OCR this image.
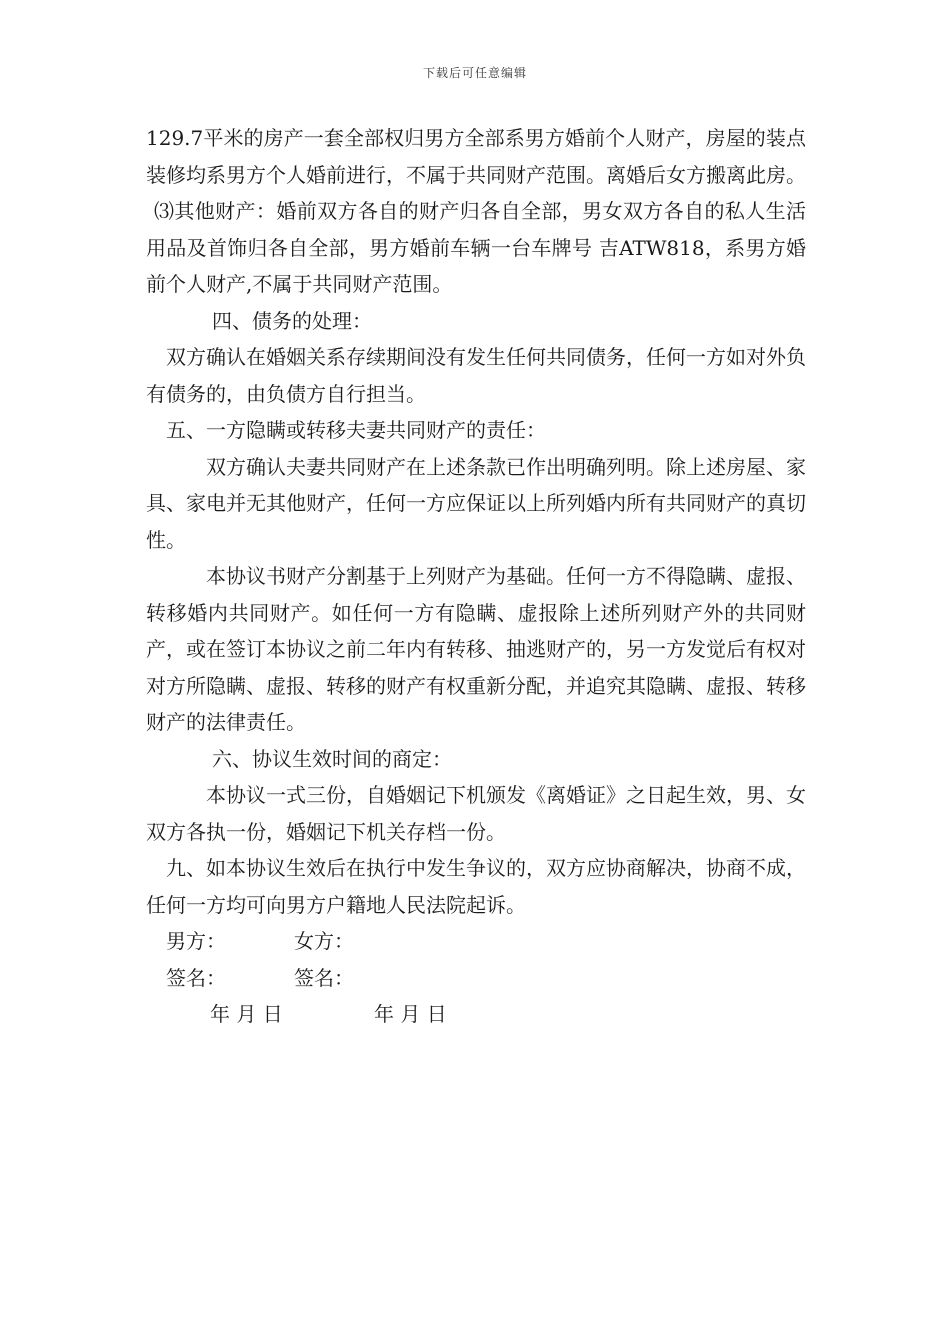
下载后可任意编辑

129.7平米的房产一套全部权归男方全部系男方婚前个人财产，房屋的装点装修均系男方个人婚前进行，不属于共同财产范围。离婚后女方搬离此房。

⑶其他财产：婚前双方各自的财产归各自全部，男女双方各自的私人生活用品及首饰归各自全部，男方婚前车辆一台车牌号 吉ATW818，系男方婚前个人财产,不属于共同财产范围。

四、债务的处理：

双方确认在婚姻关系存续期间没有发生任何共同债务，任何一方如对外负有债务的，由负债方自行担当。

五、一方隐瞒或转移夫妻共同财产的责任：

双方确认夫妻共同财产在上述条款已作出明确列明。除上述房屋、家具、家电并无其他财产，任何一方应保证以上所列婚内所有共同财产的真切性。

本协议书财产分割基于上列财产为基础。任何一方不得隐瞒、虚报、转移婚内共同财产。如任何一方有隐瞒、虚报除上述所列财产外的共同财产，或在签订本协议之前二年内有转移、抽逃财产的，另一方发觉后有权对对方所隐瞒、虚报、转移的财产有权重新分配，并追究其隐瞒、虚报、转移财产的法律责任。

六、协议生效时间的商定：

本协议一式三份，自婚姻记下机颁发《离婚证》之日起生效，男、女双方各执一份，婚姻记下机关存档一份。

九、如本协议生效后在执行中发生争议的，双方应协商解决，协商不成，任何一方均可向男方户籍地人民法院起诉。

男方：	女方：
签名：	签名：
年 月 日	年 月 日
